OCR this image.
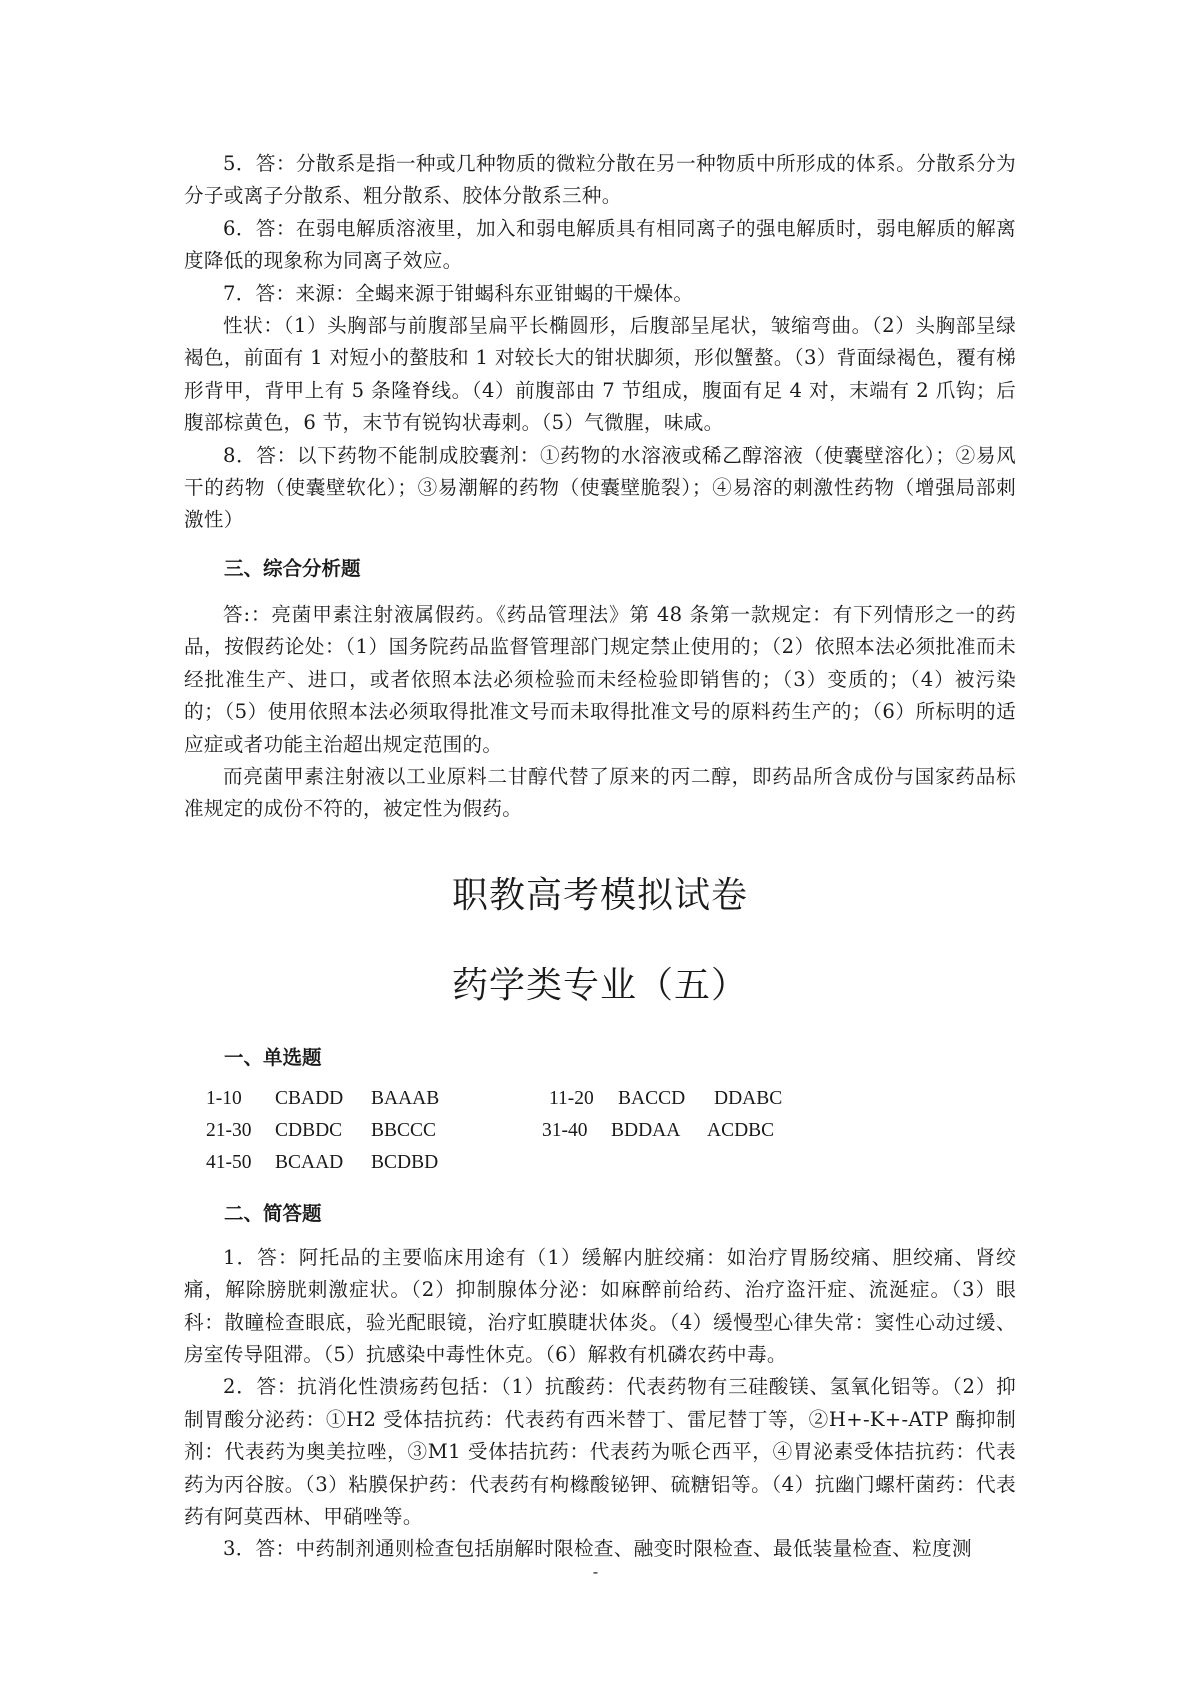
5．答：分散系是指一种或几种物质的微粒分散在另一种物质中所形成的体系。分散系分为分子或离子分散系、粗分散系、胶体分散系三种。

6．答：在弱电解质溶液里，加入和弱电解质具有相同离子的强电解质时，弱电解质的解离度降低的现象称为同离子效应。

7．答：来源：全蝎来源于钳蝎科东亚钳蝎的干燥体。

性状：（1）头胸部与前腹部呈扁平长椭圆形，后腹部呈尾状，皱缩弯曲。（2）头胸部呈绿褐色，前面有 1 对短小的螯肢和 1 对较长大的钳状脚须，形似蟹螯。（3）背面绿褐色，覆有梯形背甲，背甲上有 5 条隆脊线。（4）前腹部由 7 节组成，腹面有足 4 对，末端有 2 爪钩；后腹部棕黄色，6 节，末节有锐钩状毒刺。（5）气微腥，味咸。

8．答：以下药物不能制成胶囊剂：①药物的水溶液或稀乙醇溶液（使囊壁溶化）；②易风干的药物（使囊壁软化）；③易潮解的药物（使囊壁脆裂）；④易溶的刺激性药物（增强局部刺激性）

三、综合分析题

答:：亮菌甲素注射液属假药。《药品管理法》第 48 条第一款规定：有下列情形之一的药品，按假药论处：（1）国务院药品监督管理部门规定禁止使用的；（2）依照本法必须批准而未经批准生产、进口，或者依照本法必须检验而未经检验即销售的；（3）变质的；（4）被污染的；（5）使用依照本法必须取得批准文号而未取得批准文号的原料药生产的；（6）所标明的适应症或者功能主治超出规定范围的。

而亮菌甲素注射液以工业原料二甘醇代替了原来的丙二醇，即药品所含成份与国家药品标准规定的成份不符的，被定性为假药。

职教高考模拟试卷

药学类专业（五）

一、单选题

1-10 CBADD BAAAB	11-20 BACCD DDABC
21-30 CDBDC BBCCC	31-40 BDDAA ACDBC
41-50 BCAAD BCDBD

二、简答题

1．答：阿托品的主要临床用途有（1）缓解内脏绞痛：如治疗胃肠绞痛、胆绞痛、肾绞痛，解除膀胱刺激症状。（2）抑制腺体分泌：如麻醉前给药、治疗盗汗症、流涎症。（3）眼科：散瞳检查眼底，验光配眼镜，治疗虹膜睫状体炎。（4）缓慢型心律失常：窦性心动过缓、房室传导阻滞。（5）抗感染中毒性休克。（6）解救有机磷农药中毒。

2．答：抗消化性溃疡药包括：（1）抗酸药：代表药物有三硅酸镁、氢氧化铝等。（2）抑制胃酸分泌药：①H2 受体拮抗药：代表药有西米替丁、雷尼替丁等，②H+-K+-ATP 酶抑制剂：代表药为奥美拉唑，③M1 受体拮抗药：代表药为哌仑西平，④胃泌素受体拮抗药：代表药为丙谷胺。（3）粘膜保护药：代表药有枸橼酸铋钾、硫糖铝等。（4）抗幽门螺杆菌药：代表药有阿莫西林、甲硝唑等。

3．答：中药制剂通则检查包括崩解时限检查、融变时限检查、最低装量检查、粒度测

-
